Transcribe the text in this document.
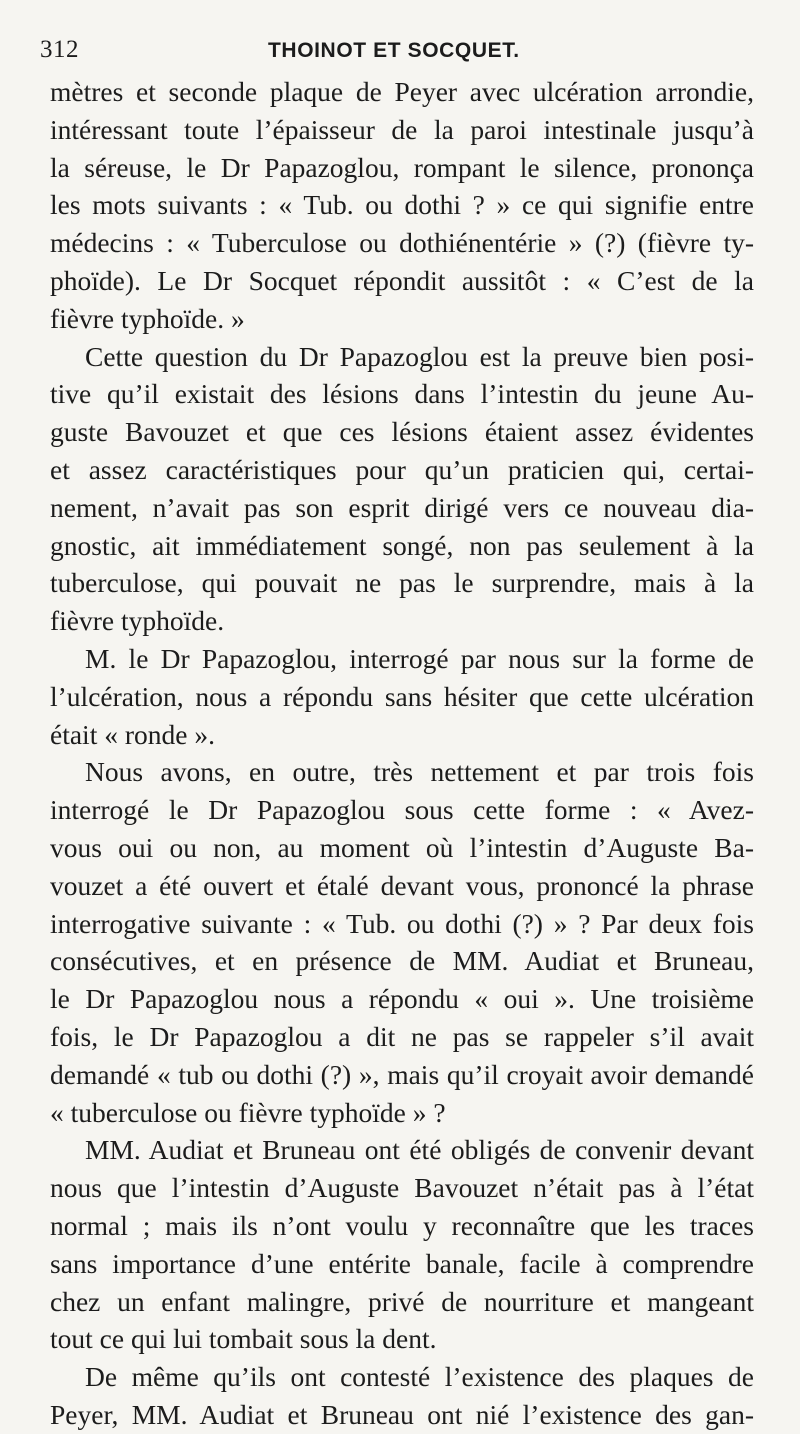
312	THOINOT ET SOCQUET.
mètres et seconde plaque de Peyer avec ulcération arrondie,
intéressant toute l’épaisseur de la paroi intestinale jusqu’à
la séreuse, le Dr Papazoglou, rompant le silence, prononça
les mots suivants : « Tub. ou dothi ? » ce qui signifie entre
médecins : « Tuberculose ou dothiénentérie » (?) (fièvre ty-
phoïde). Le Dr Socquet répondit aussitôt : « C’est de la
fièvre typhoïde. »
Cette question du Dr Papazoglou est la preuve bien posi-
tive qu’il existait des lésions dans l’intestin du jeune Au-
guste Bavouzet et que ces lésions étaient assez évidentes
et assez caractéristiques pour qu’un praticien qui, certai-
nement, n’avait pas son esprit dirigé vers ce nouveau dia-
gnostic, ait immédiatement songé, non pas seulement à la
tuberculose, qui pouvait ne pas le surprendre, mais à la
fièvre typhoïde.
M. le Dr Papazoglou, interrogé par nous sur la forme de
l’ulcération, nous a répondu sans hésiter que cette ulcération
était « ronde ».
Nous avons, en outre, très nettement et par trois fois
interrogé le Dr Papazoglou sous cette forme : « Avez-
vous oui ou non, au moment où l’intestin d’Auguste Ba-
vouzet a été ouvert et étalé devant vous, prononcé la phrase
interrogative suivante : « Tub. ou dothi (?) » ? Par deux fois
consécutives, et en présence de MM. Audiat et Bruneau,
le Dr Papazoglou nous a répondu « oui ». Une troisième
fois, le Dr Papazoglou a dit ne pas se rappeler s’il avait
demandé « tub ou dothi (?) », mais qu’il croyait avoir demandé
« tuberculose ou fièvre typhoïde » ?
MM. Audiat et Bruneau ont été obligés de convenir devant
nous que l’intestin d’Auguste Bavouzet n’était pas à l’état
normal ; mais ils n’ont voulu y reconnaître que les traces
sans importance d’une entérite banale, facile à comprendre
chez un enfant malingre, privé de nourriture et mangeant
tout ce qui lui tombait sous la dent.
De même qu’ils ont contesté l’existence des plaques de
Peyer, MM. Audiat et Bruneau ont nié l’existence des gan-
